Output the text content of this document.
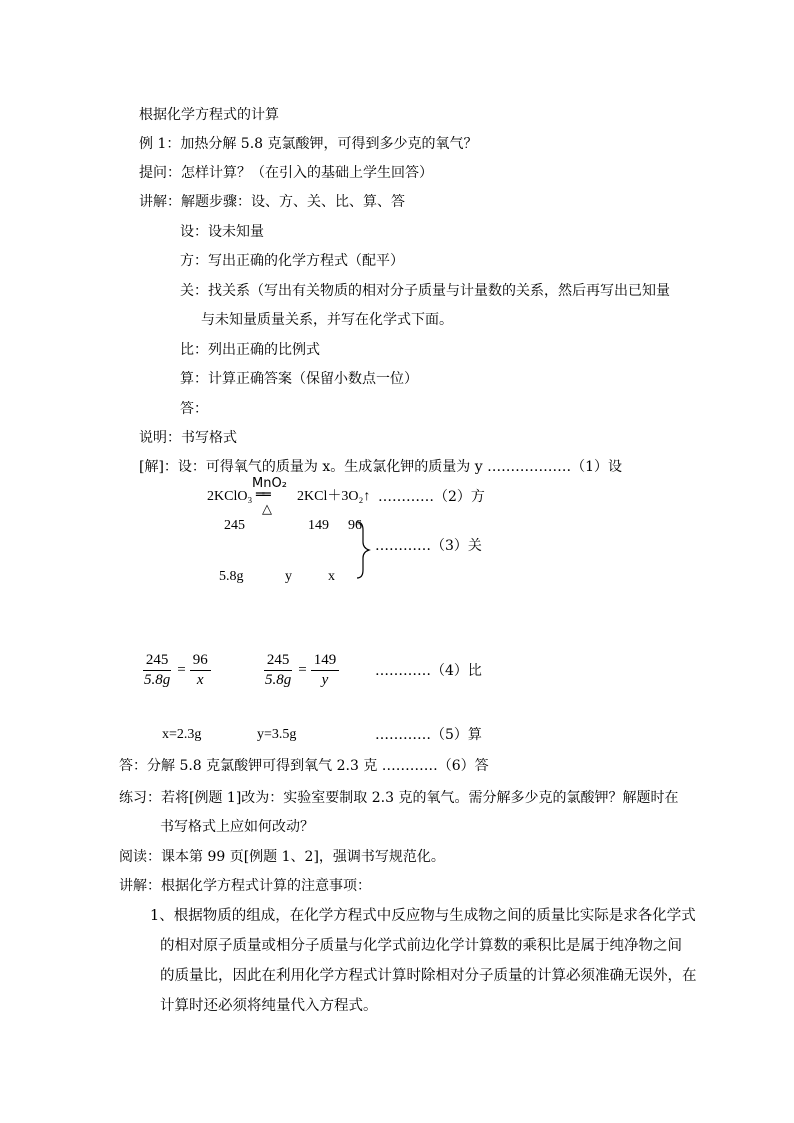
根据化学方程式的计算
例 1：加热分解 5.8 克氯酸钾，可得到多少克的氧气？
提问：怎样计算？（在引入的基础上学生回答）
讲解：解题步骤：设、方、关、比、算、答
设：设未知量
方：写出正确的化学方程式（配平）
关：找关系（写出有关物质的相对分子质量与计量数的关系，然后再写出已知量
与未知量质量关系，并写在化学式下面。
比：列出正确的比例式
算：计算正确答案（保留小数点一位）
答：
说明：书写格式
[解]：设：可得氧气的质量为 x。生成氯化钾的质量为 y ………………（1）设
MnO₂
2KClO₃ ══
△
2KCl＋3O₂↑ …………（2）方
245	149 96
…………（3）关
5.8g	y	x
$\frac{245}{5.8g} = \frac{96}{x}$	$\frac{245}{5.8g} = \frac{149}{y}$	…………（4）比
x=2.3g	y=3.5g	…………（5）算
答：分解 5.8 克氯酸钾可得到氧气 2.3 克 …………（6）答
练习：若将[例题 1]改为：实验室要制取 2.3 克的氧气。需分解多少克的氯酸钾？解题时在
书写格式上应如何改动？
阅读：课本第 99 页[例题 1、2]，强调书写规范化。
讲解：根据化学方程式计算的注意事项：
1、根据物质的组成，在化学方程式中反应物与生成物之间的质量比实际是求各化学式
的相对原子质量或相分子质量与化学式前边化学计算数的乘积比是属于纯净物之间
的质量比，因此在利用化学方程式计算时除相对分子质量的计算必须准确无误外，在
计算时还必须将纯量代入方程式。
